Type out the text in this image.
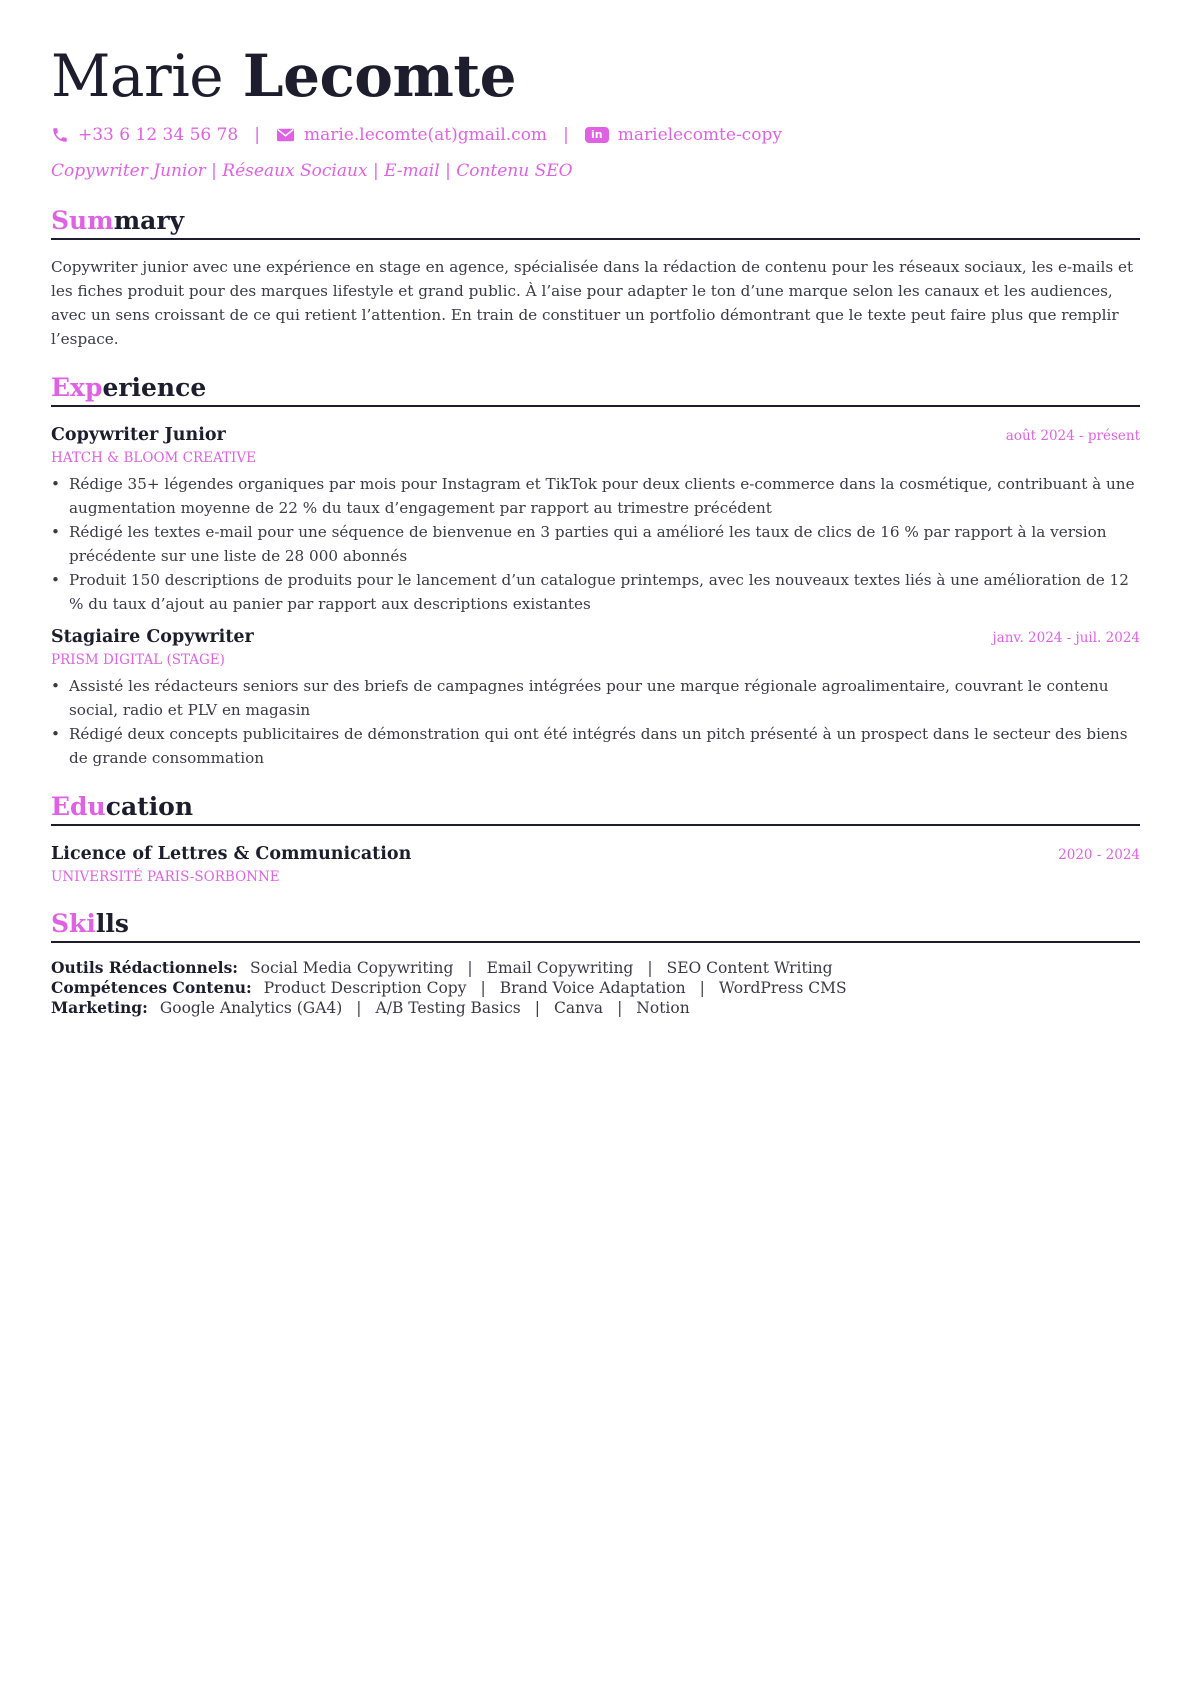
Marie Lecomte
+33 6 12 34 56 78 |	marie.lecomte(at)gmail.com |	in marielecomte-copy
Copywriter Junior | Réseaux Sociaux | E-mail | Contenu SEO
Summary

Copywriter junior avec une expérience en stage en agence, spécialisée dans la rédaction de contenu pour les réseaux sociaux, les e-mails et les fiches produit pour des marques lifestyle et grand public. À l’aise pour adapter le ton d’une marque selon les canaux et les audiences, avec un sens croissant de ce qui retient l’attention. En train de constituer un portfolio démontrant que le texte peut faire plus que remplir l’espace.

Experience
Copywriter Junior	août 2024 - présent
HATCH & BLOOM CREATIVE
• Rédige 35+ légendes organiques par mois pour Instagram et TikTok pour deux clients e-commerce dans la cosmétique, contribuant à une augmentation moyenne de 22 % du taux d’engagement par rapport au trimestre précédent
• Rédigé les textes e-mail pour une séquence de bienvenue en 3 parties qui a amélioré les taux de clics de 16 % par rapport à la version précédente sur une liste de 28 000 abonnés
• Produit 150 descriptions de produits pour le lancement d’un catalogue printemps, avec les nouveaux textes liés à une amélioration de 12 % du taux d’ajout au panier par rapport aux descriptions existantes
Stagiaire Copywriter	janv. 2024 - juil. 2024
PRISM DIGITAL (STAGE)
• Assisté les rédacteurs seniors sur des briefs de campagnes intégrées pour une marque régionale agroalimentaire, couvrant le contenu social, radio et PLV en magasin
• Rédigé deux concepts publicitaires de démonstration qui ont été intégrés dans un pitch présenté à un prospect dans le secteur des biens de grande consommation
Education
Licence of Lettres & Communication	2020 - 2024
UNIVERSITÉ PARIS-SORBONNE
Skills
Outils Rédactionnels: Social Media Copywriting | Email Copywriting | SEO Content Writing
Compétences Contenu: Product Description Copy | Brand Voice Adaptation | WordPress CMS
Marketing: Google Analytics (GA4) | A/B Testing Basics | Canva | Notion
